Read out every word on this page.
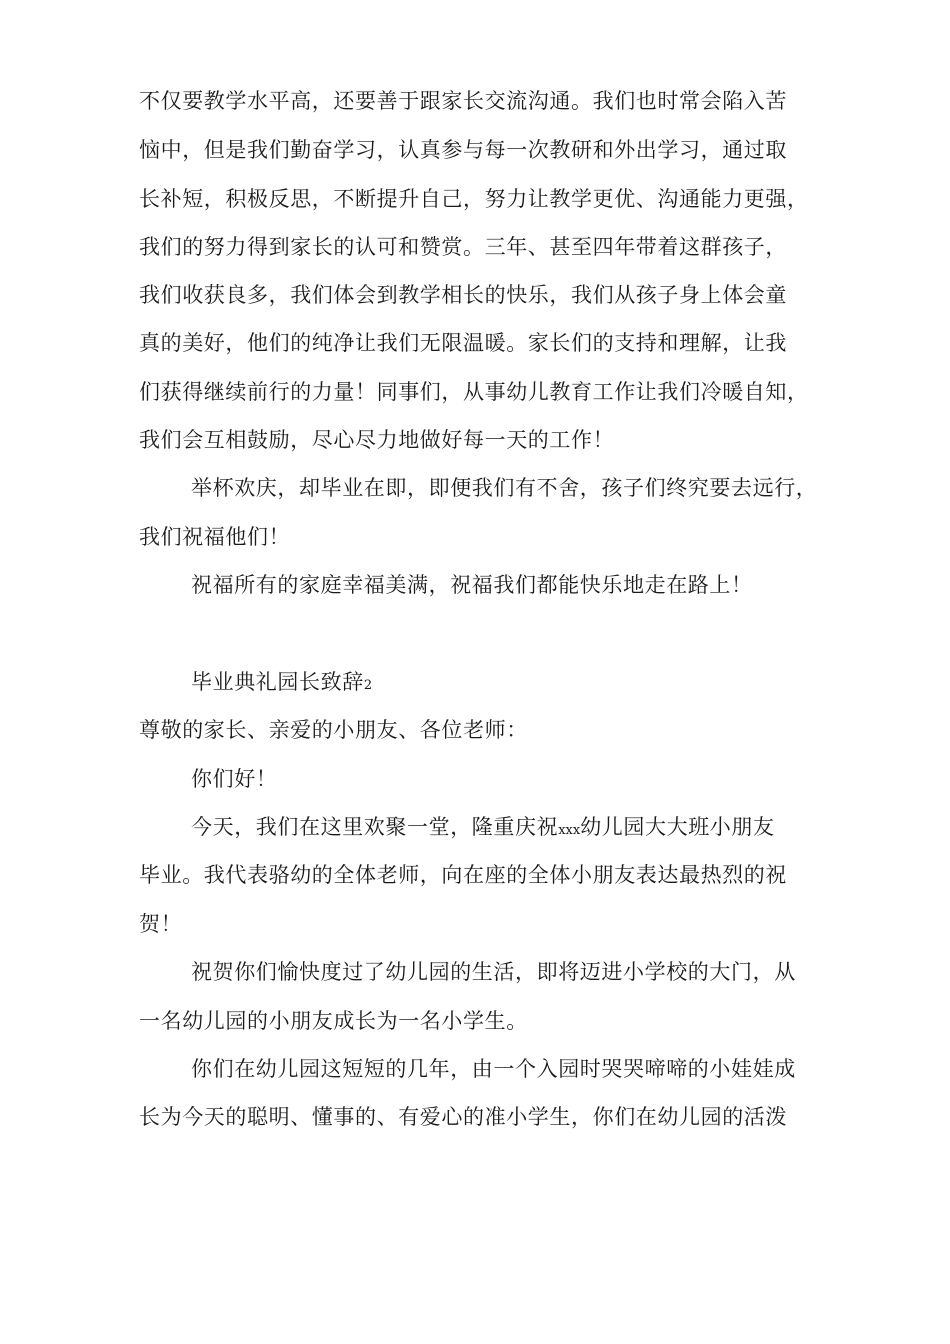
不仅要教学水平高，还要善于跟家长交流沟通。我们也时常会陷入苦
恼中，但是我们勤奋学习，认真参与每一次教研和外出学习，通过取
长补短，积极反思，不断提升自己，努力让教学更优、沟通能力更强，
我们的努力得到家长的认可和赞赏。三年、甚至四年带着这群孩子，
我们收获良多，我们体会到教学相长的快乐，我们从孩子身上体会童
真的美好，他们的纯净让我们无限温暖。家长们的支持和理解，让我
们获得继续前行的力量！同事们，从事幼儿教育工作让我们冷暖自知，
我们会互相鼓励，尽心尽力地做好每一天的工作！
举杯欢庆，却毕业在即，即便我们有不舍，孩子们终究要去远行，
我们祝福他们！
祝福所有的家庭幸福美满，祝福我们都能快乐地走在路上！
毕业典礼园长致辞2
尊敬的家长、亲爱的小朋友、各位老师：
你们好！
今天，我们在这里欢聚一堂，隆重庆祝xxx幼儿园大大班小朋友
毕业。我代表骆幼的全体老师，向在座的全体小朋友表达最热烈的祝
贺！
祝贺你们愉快度过了幼儿园的生活，即将迈进小学校的大门，从
一名幼儿园的小朋友成长为一名小学生。
你们在幼儿园这短短的几年，由一个入园时哭哭啼啼的小娃娃成
长为今天的聪明、懂事的、有爱心的准小学生，你们在幼儿园的活泼
